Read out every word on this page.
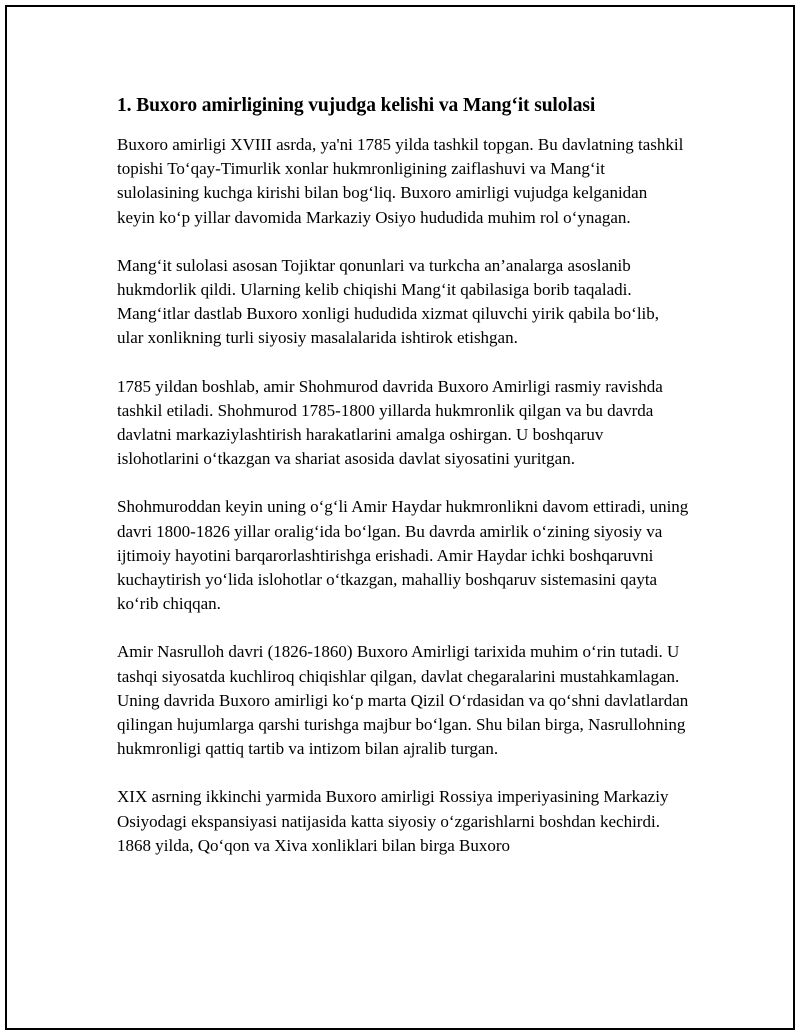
1. Buxoro amirligining vujudga kelishi va Mang‘it sulolasi

Buxoro amirligi XVIII asrda, ya'ni 1785 yilda tashkil topgan. Bu davlatning tashkil topishi To‘qay-Timurlik xonlar hukmronligining zaiflashuvi va Mang‘it sulolasining kuchga kirishi bilan bog‘liq. Buxoro amirligi vujudga kelganidan keyin ko‘p yillar davomida Markaziy Osiyo hududida muhim rol o‘ynagan.

Mang‘it sulolasi asosan Tojiktar qonunlari va turkcha an’analarga asoslanib hukmdorlik qildi. Ularning kelib chiqishi Mang‘it qabilasiga borib taqaladi. Mang‘itlar dastlab Buxoro xonligi hududida xizmat qiluvchi yirik qabila bo‘lib, ular xonlikning turli siyosiy masalalarida ishtirok etishgan.

1785 yildan boshlab, amir Shohmurod davrida Buxoro Amirligi rasmiy ravishda tashkil etiladi. Shohmurod 1785-1800 yillarda hukmronlik qilgan va bu davrda davlatni markaziylashtirish harakatlarini amalga oshirgan. U boshqaruv islohotlarini o‘tkazgan va shariat asosida davlat siyosatini yuritgan.

Shohmuroddan keyin uning o‘g‘li Amir Haydar hukmronlikni davom ettiradi, uning davri 1800-1826 yillar oralig‘ida bo‘lgan. Bu davrda amirlik o‘zining siyosiy va ijtimoiy hayotini barqarorlashtirishga erishadi. Amir Haydar ichki boshqaruvni kuchaytirish yo‘lida islohotlar o‘tkazgan, mahalliy boshqaruv sistemasini qayta ko‘rib chiqqan.

Amir Nasrulloh davri (1826-1860) Buxoro Amirligi tarixida muhim o‘rin tutadi. U tashqi siyosatda kuchliroq chiqishlar qilgan, davlat chegaralarini mustahkamlagan. Uning davrida Buxoro amirligi ko‘p marta Qizil O‘rdasidan va qo‘shni davlatlardan qilingan hujumlarga qarshi turishga majbur bo‘lgan. Shu bilan birga, Nasrullohning hukmronligi qattiq tartib va intizom bilan ajralib turgan.

XIX asrning ikkinchi yarmida Buxoro amirligi Rossiya imperiyasining Markaziy Osiyodagi ekspansiyasi natijasida katta siyosiy o‘zgarishlarni boshdan kechirdi. 1868 yilda, Qo‘qon va Xiva xonliklari bilan birga Buxoro
